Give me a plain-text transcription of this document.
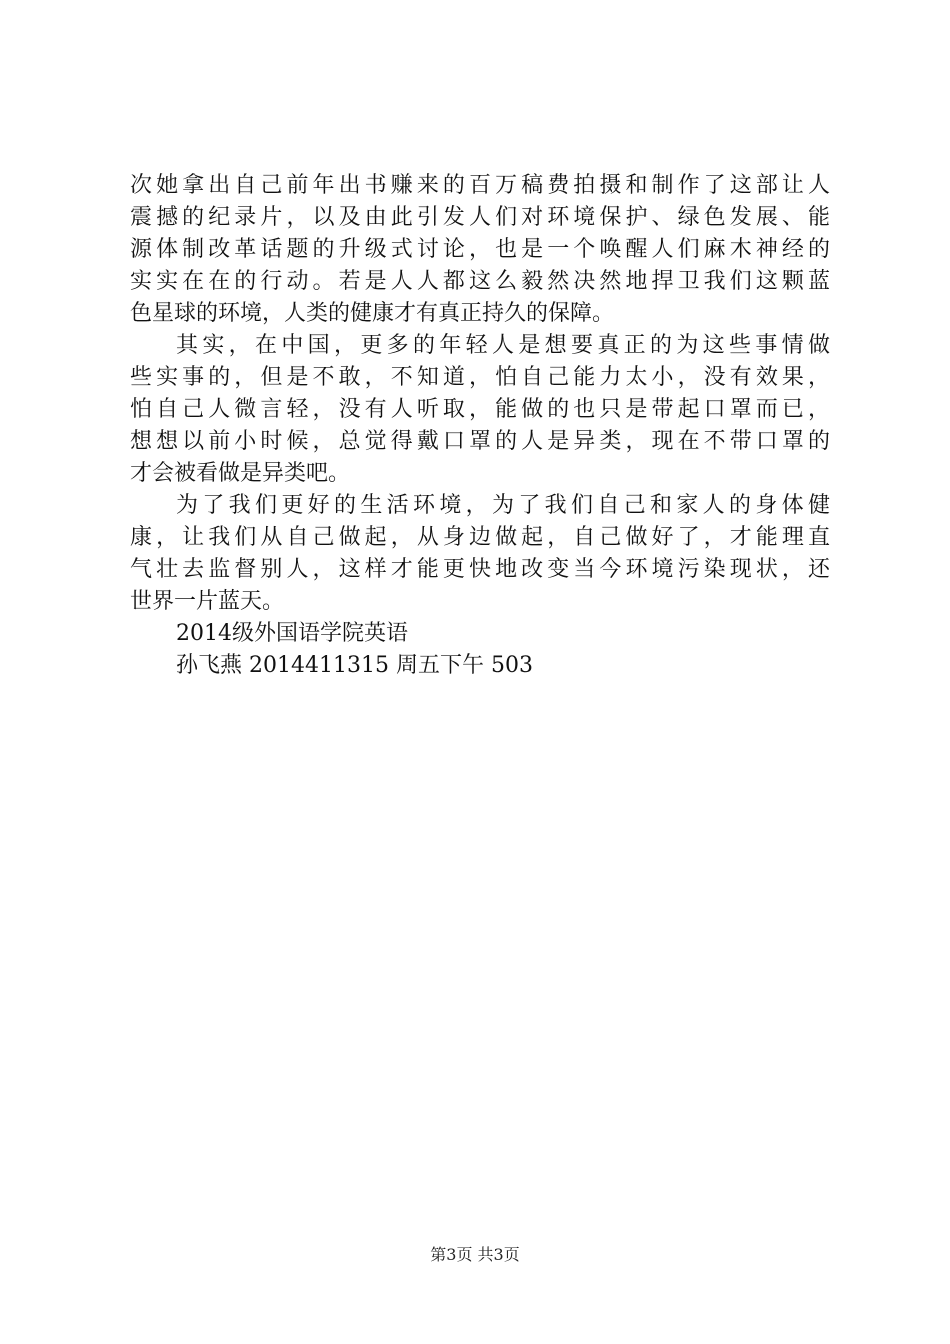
次她拿出自己前年出书赚来的百万稿费拍摄和制作了这部让人
震撼的纪录片，以及由此引发人们对环境保护、绿色发展、能
源体制改革话题的升级式讨论，也是一个唤醒人们麻木神经的
实实在在的行动。若是人人都这么毅然决然地捍卫我们这颗蓝
色星球的环境，人类的健康才有真正持久的保障。
其实，在中国，更多的年轻人是想要真正的为这些事情做
些实事的，但是不敢，不知道，怕自己能力太小，没有效果，
怕自己人微言轻，没有人听取，能做的也只是带起口罩而已，
想想以前小时候，总觉得戴口罩的人是异类，现在不带口罩的
才会被看做是异类吧。
为了我们更好的生活环境，为了我们自己和家人的身体健
康，让我们从自己做起，从身边做起，自己做好了，才能理直
气壮去监督别人，这样才能更快地改变当今环境污染现状，还
世界一片蓝天。
2014级外国语学院英语
孙飞燕 2014411315 周五下午 503
第3页 共3页
